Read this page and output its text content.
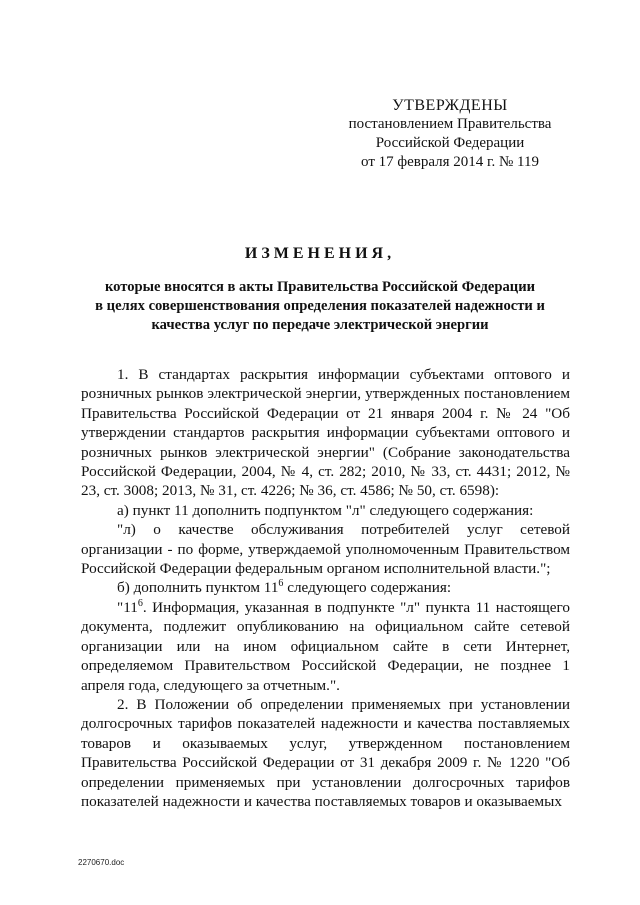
УТВЕРЖДЕНЫ
постановлением Правительства
Российской Федерации
от 17 февраля 2014 г. № 119
ИЗМЕНЕНИЯ,
которые вносятся в акты Правительства Российской Федерации
в целях совершенствования определения показателей надежности и
качества услуг по передаче электрической энергии

1. В стандартах раскрытия информации субъектами оптового и розничных рынков электрической энергии, утвержденных постановлением Правительства Российской Федерации от 21 января 2004 г. № 24 "Об утверждении стандартов раскрытия информации субъектами оптового и розничных рынков электрической энергии" (Собрание законодательства Российской Федерации, 2004, № 4, ст. 282; 2010, № 33, ст. 4431; 2012, № 23, ст. 3008; 2013, № 31, ст. 4226; № 36, ст. 4586; № 50, ст. 6598):

а) пункт 11 дополнить подпунктом "л" следующего содержания:

"л) о качестве обслуживания потребителей услуг сетевой организации - по форме, утверждаемой уполномоченным Правительством Российской Федерации федеральным органом исполнительной власти.";

б) дополнить пунктом $11^6$ следующего содержания:

"$11^6$. Информация, указанная в подпункте "л" пункта 11 настоящего документа, подлежит опубликованию на официальном сайте сетевой организации или на ином официальном сайте в сети Интернет, определяемом Правительством Российской Федерации, не позднее 1 апреля года, следующего за отчетным.".

2. В Положении об определении применяемых при установлении долгосрочных тарифов показателей надежности и качества поставляемых товаров и оказываемых услуг, утвержденном постановлением Правительства Российской Федерации от 31 декабря 2009 г. № 1220 "Об определении применяемых при установлении долгосрочных тарифов показателей надежности и качества поставляемых товаров и оказываемых

2270670.doc
